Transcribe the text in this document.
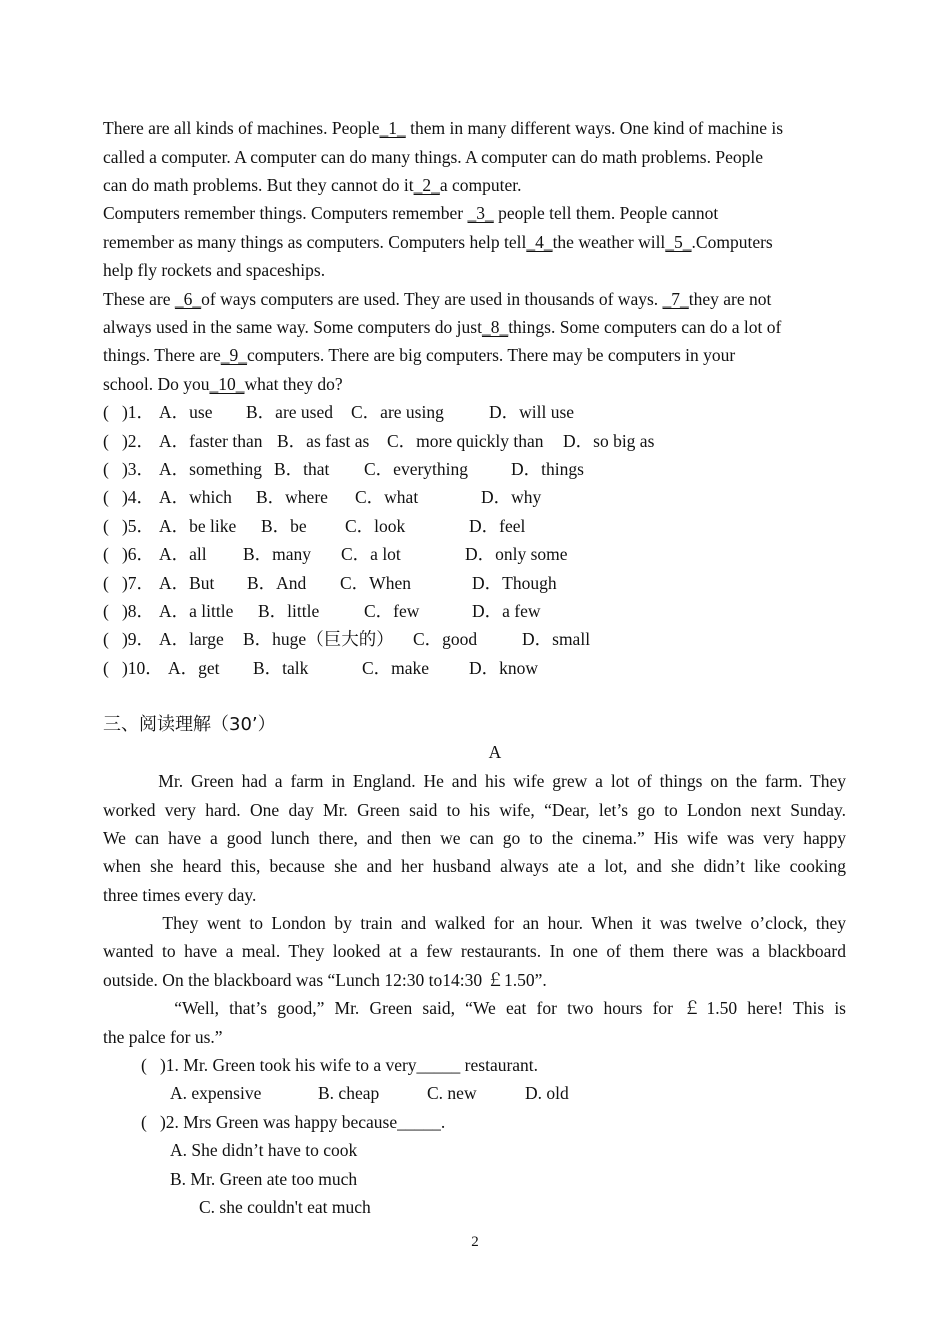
There are all kinds of machines. People_1_ them in many different ways. One kind of machine is
called a computer. A computer can do many things. A computer can do math problems. People
can do math problems. But they cannot do it_2_a computer.
Computers remember things. Computers remember _3_ people tell them. People cannot
remember as many things as computers. Computers help tell_4_the weather will_5_.Computers
help fly rockets and spaceships.
These are _6_of ways computers are used. They are used in thousands of ways. _7_they are not
always used in the same way. Some computers do just_8_things. Some computers can do a lot of
things. There are_9_computers. There are big computers. There may be computers in your
school. Do you_10_what they do?
(   )1． A．use B．are used C．are using	D．will use
(   )2． A．faster than B．as fast as C．more quickly than D．so big as
(   )3． A．something B．that C．everything D．things
(   )4． A．which B．where C．what	D．why
(   )5． A．be like B．be C．look	D．feel
(   )6． A．all B．many C．a lot	D．only some
(   )7． A．But B．And C．When	D．Though
(   )8． A．a little B．little	C．few	D．a few
(   )9． A．large B．huge（巨大的） C．good	D．small
(   )10． A．get B．talk	C．make D．know
三、阅读理解（30’）
A
Mr. Green had a farm in England. He and his wife grew a lot of things on the farm. They
worked very hard. One day Mr. Green said to his wife, “Dear, let’s go to London next Sunday.
We can have a good lunch there, and then we can go to the cinema.” His wife was very happy
when she heard this, because she and her husband always ate a lot, and she didn’t like cooking
three times every day.
They went to London by train and walked for an hour. When it was twelve o’clock, they
wanted to have a meal. They looked at a few restaurants. In one of them there was a blackboard
outside. On the blackboard was “Lunch 12:30 to14:30 ￡1.50”.
“Well, that’s good,” Mr. Green said, “We eat for two hours for ￡1.50 here! This is
the palce for us.”
(   )1. Mr. Green took his wife to a very_____ restaurant.
A. expensive	B. cheap	C. new	D. old
(   )2. Mrs Green was happy because_____.
A. She didn’t have to cook
B. Mr. Green ate too much
C. she couldn't eat much
2
